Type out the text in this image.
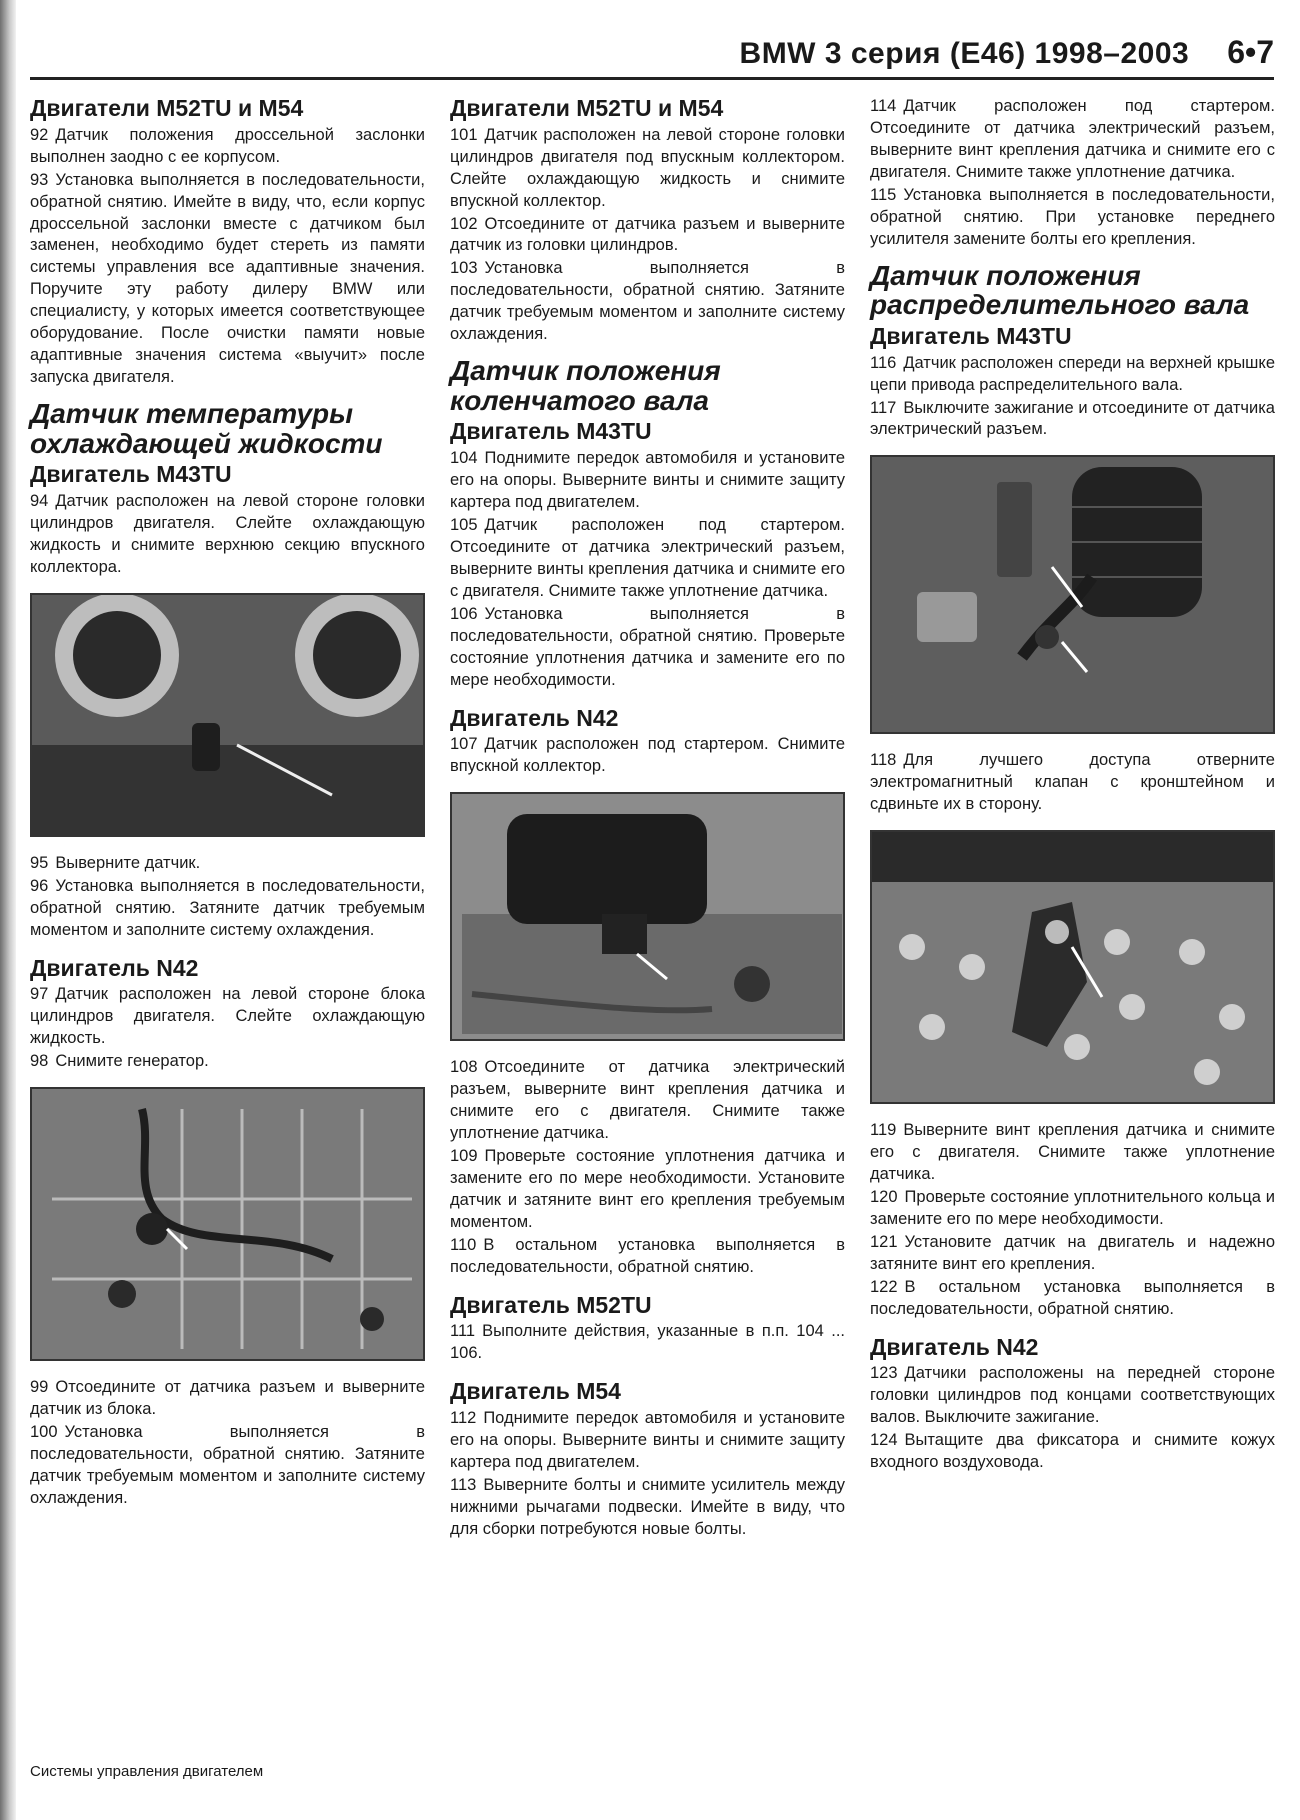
BMW 3 серия (E46) 1998–2003 6•7
Двигатели M52TU и M54

92 Датчик положения дроссельной заслонки выполнен заодно с ее корпусом.

93 Установка выполняется в последовательности, обратной снятию. Имейте в виду, что, если корпус дроссельной заслонки вместе с датчиком был заменен, необходимо будет стереть из памяти системы управления все адаптивные значения. Поручите эту работу дилеру BMW или специалисту, у которых имеется соответствующее оборудование. После очистки памяти новые адаптивные значения система «выучит» после запуска двигателя.

Датчик температуры охлаждающей жидкости
Двигатель M43TU

94 Датчик расположен на левой стороне головки цилиндров двигателя. Слейте охлаждающую жидкость и снимите верхнюю секцию впускного коллектора.

95 Выверните датчик.

96 Установка выполняется в последовательности, обратной снятию. Затяните датчик требуемым моментом и заполните систему охлаждения.

Двигатель N42

97 Датчик расположен на левой стороне блока цилиндров двигателя. Слейте охлаждающую жидкость.

98 Снимите генератор.

99 Отсоедините от датчика разъем и выверните датчик из блока.

100 Установка выполняется в последовательности, обратной снятию. Затяните датчик требуемым моментом и заполните систему охлаждения.

Двигатели M52TU и M54

101 Датчик расположен на левой стороне головки цилиндров двигателя под впускным коллектором. Слейте охлаждающую жидкость и снимите впускной коллектор.

102 Отсоедините от датчика разъем и выверните датчик из головки цилиндров.

103 Установка выполняется в последовательности, обратной снятию. Затяните датчик требуемым моментом и заполните систему охлаждения.

Датчик положения коленчатого вала
Двигатель M43TU

104 Поднимите передок автомобиля и установите его на опоры. Выверните винты и снимите защиту картера под двигателем.

105 Датчик расположен под стартером. Отсоедините от датчика электрический разъем, выверните винты крепления датчика и снимите его с двигателя. Снимите также уплотнение датчика.

106 Установка выполняется в последовательности, обратной снятию. Проверьте состояние уплотнения датчика и замените его по мере необходимости.

Двигатель N42

107 Датчик расположен под стартером. Снимите впускной коллектор.

108 Отсоедините от датчика электрический разъем, выверните винт крепления датчика и снимите его с двигателя. Снимите также уплотнение датчика.

109 Проверьте состояние уплотнения датчика и замените его по мере необходимости. Установите датчик и затяните винт его крепления требуемым моментом.

110 В остальном установка выполняется в последовательности, обратной снятию.

Двигатель M52TU

111 Выполните действия, указанные в п.п. 104 ... 106.

Двигатель M54

112 Поднимите передок автомобиля и установите его на опоры. Выверните винты и снимите защиту картера под двигателем.

113 Выверните болты и снимите усилитель между нижними рычагами подвески. Имейте в виду, что для сборки потребуются новые болты.

114 Датчик расположен под стартером. Отсоедините от датчика электрический разъем, выверните винт крепления датчика и снимите его с двигателя. Снимите также уплотнение датчика.

115 Установка выполняется в последовательности, обратной снятию. При установке переднего усилителя замените болты его крепления.

Датчик положения распределительного вала
Двигатель M43TU

116 Датчик расположен спереди на верхней крышке цепи привода распределительного вала.

117 Выключите зажигание и отсоедините от датчика электрический разъем.

118 Для лучшего доступа отверните электромагнитный клапан с кронштейном и сдвиньте их в сторону.

119 Выверните винт крепления датчика и снимите его с двигателя. Снимите также уплотнение датчика.

120 Проверьте состояние уплотнительного кольца и замените его по мере необходимости.

121 Установите датчик на двигатель и надежно затяните винт его крепления.

122 В остальном установка выполняется в последовательности, обратной снятию.

Двигатель N42

123 Датчики расположены на передней стороне головки цилиндров под концами соответствующих валов. Выключите зажигание.

124 Вытащите два фиксатора и снимите кожух входного воздуховода.

Системы управления двигателем
